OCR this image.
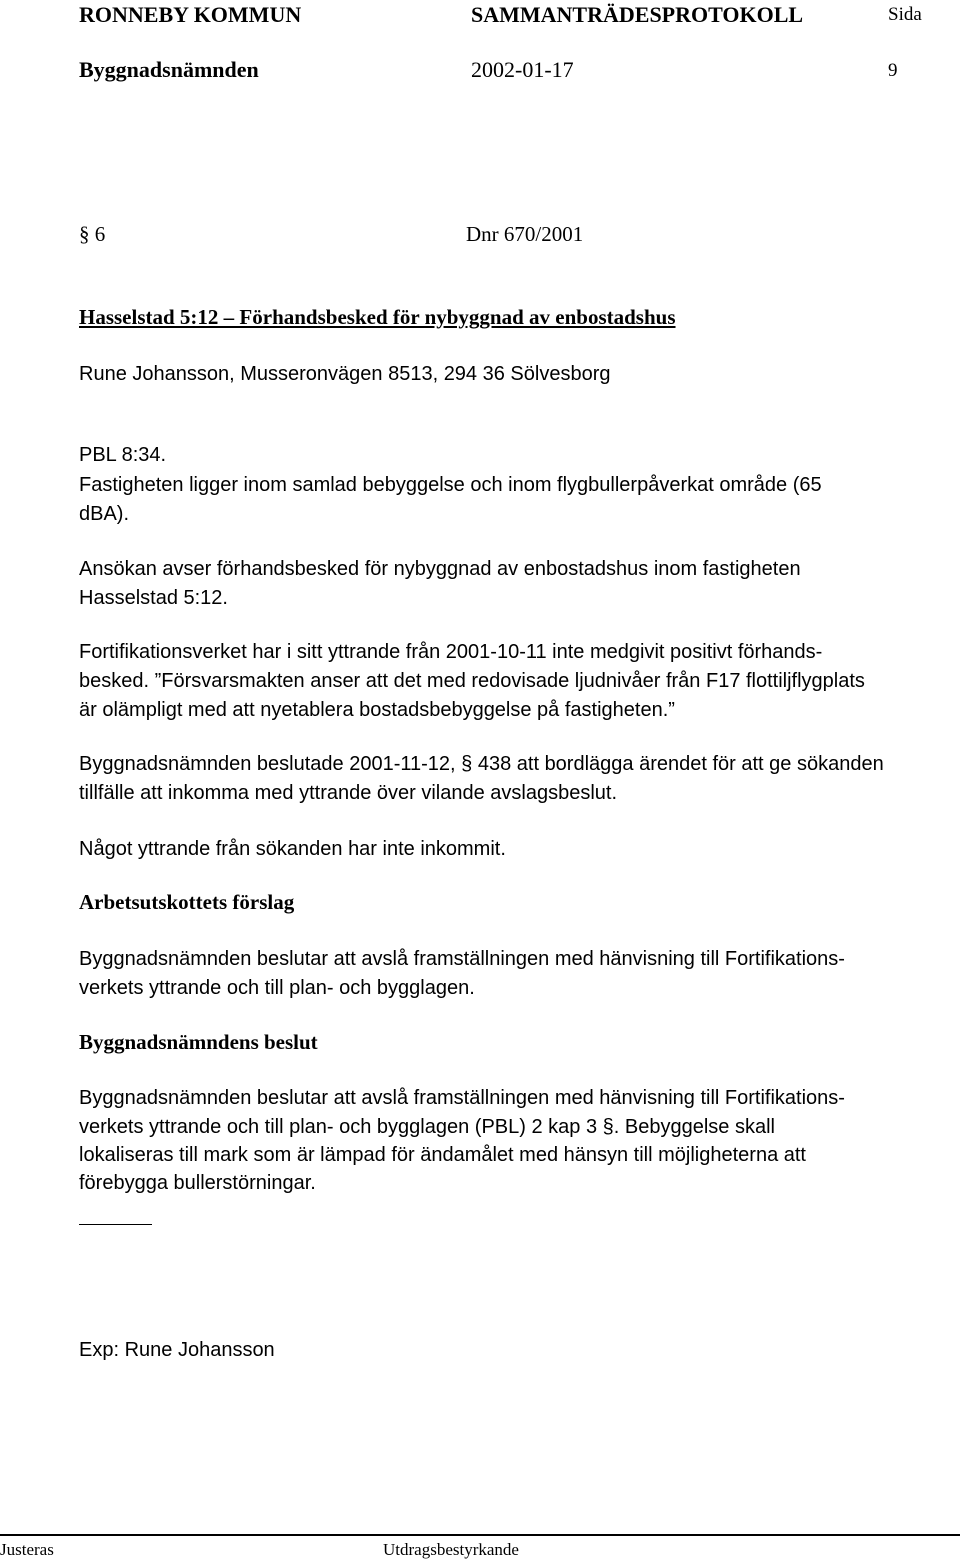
RONNEBY KOMMUN	SAMMANTRÄDESPROTOKOLL	Sida
Byggnadsnämnden	2002-01-17	9
§ 6	Dnr 670/2001
Hasselstad 5:12 – Förhandsbesked för nybyggnad av enbostadshus
Rune Johansson, Musseronvägen 8513, 294 36 Sölvesborg
PBL 8:34.
Fastigheten ligger inom samlad bebyggelse och inom flygbullerpåverkat område (65
dBA).
Ansökan avser förhandsbesked för nybyggnad av enbostadshus inom fastigheten
Hasselstad 5:12.
Fortifikationsverket har i sitt yttrande från 2001-10-11 inte medgivit positivt förhands-
besked. ”Försvarsmakten anser att det med redovisade ljudnivåer från F17 flottiljflygplats
är olämpligt med att nyetablera bostadsbebyggelse på fastigheten.”
Byggnadsnämnden beslutade 2001-11-12, § 438 att bordlägga ärendet för att ge sökanden
tillfälle att inkomma med yttrande över vilande avslagsbeslut.
Något yttrande från sökanden har inte inkommit.
Arbetsutskottets förslag
Byggnadsnämnden beslutar att avslå framställningen med hänvisning till Fortifikations-
verkets yttrande och till plan- och bygglagen.
Byggnadsnämndens beslut
Byggnadsnämnden beslutar att avslå framställningen med hänvisning till Fortifikations-
verkets yttrande och till plan- och bygglagen (PBL) 2 kap 3 §. Bebyggelse skall
lokaliseras till mark som är lämpad för ändamålet med hänsyn till möjligheterna att
förebygga bullerstörningar.
Exp: Rune Johansson
Justeras	Utdragsbestyrkande
